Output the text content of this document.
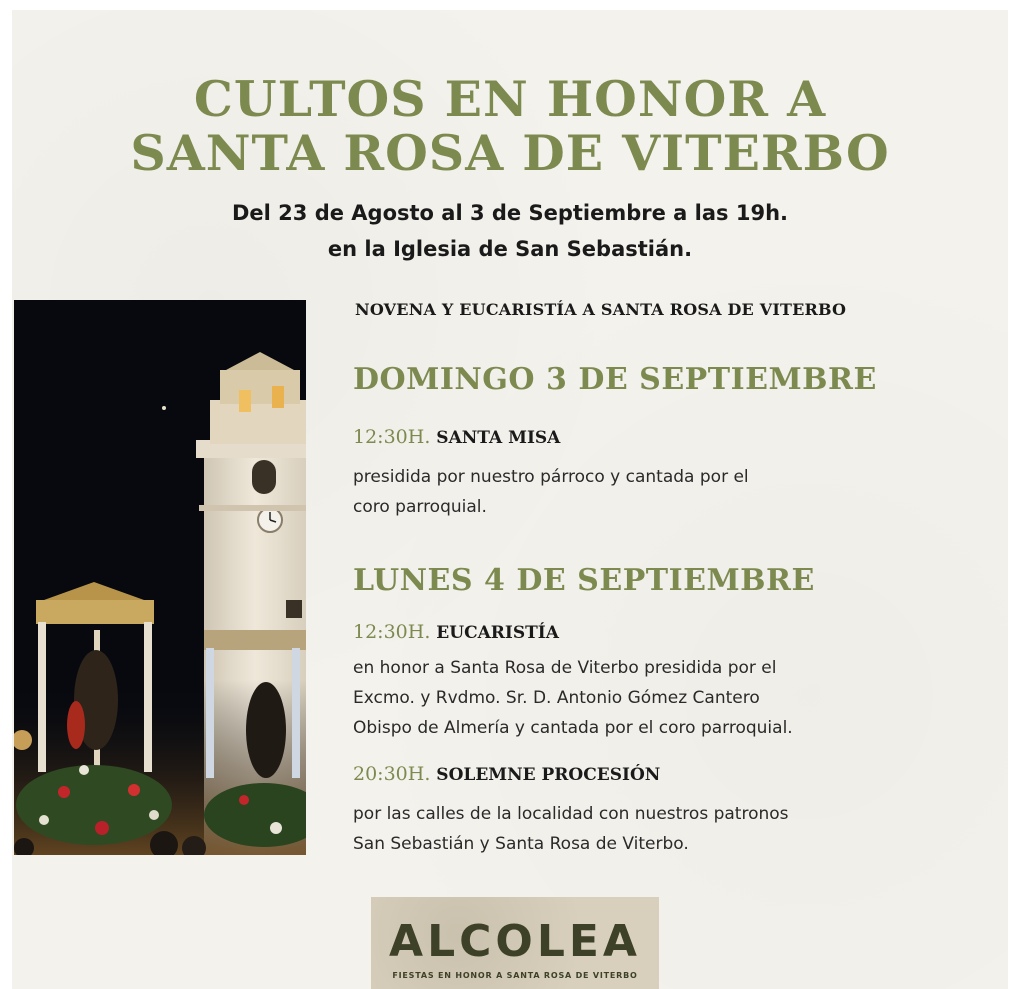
CULTOS EN HONOR A
SANTA ROSA DE VITERBO

Del 23 de Agosto al 3 de Septiembre a las 19h.

en la Iglesia de San Sebastián.

NOVENA Y EUCARISTÍA A SANTA ROSA DE VITERBO
DOMINGO 3 DE SEPTIEMBRE
12:30H. SANTA MISA
presidida por nuestro párroco y cantada por el
coro parroquial.
LUNES 4 DE SEPTIEMBRE
12:30H. EUCARISTÍA
en honor a Santa Rosa de Viterbo presidida por el
Excmo. y Rvdmo. Sr. D. Antonio Gómez Cantero
Obispo de Almería y cantada por el coro parroquial.
20:30H. SOLEMNE PROCESIÓN
por las calles de la localidad con nuestros patronos
San Sebastián y Santa Rosa de Viterbo.
ALCOLEA
FIESTAS EN HONOR A SANTA ROSA DE VITERBO
